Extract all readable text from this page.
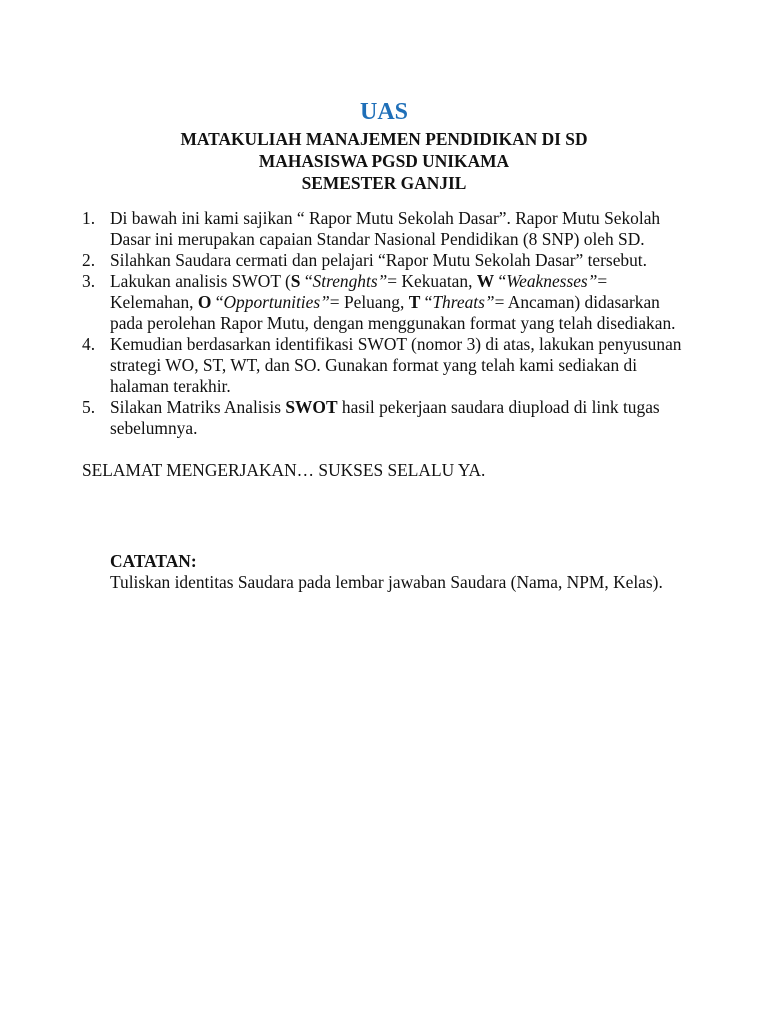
UAS

MATAKULIAH MANAJEMEN PENDIDIKAN DI SD

MAHASISWA PGSD UNIKAMA

SEMESTER GANJIL

1. Di bawah ini kami sajikan “ Rapor Mutu Sekolah Dasar”. Rapor Mutu Sekolah Dasar ini merupakan capaian Standar Nasional Pendidikan (8 SNP) oleh SD.
2. Silahkan Saudara cermati dan pelajari “Rapor Mutu Sekolah Dasar” tersebut.
3. Lakukan analisis SWOT (S “Strenghts”= Kekuatan, W “Weaknesses”= Kelemahan, O “Opportunities”= Peluang, T “Threats”= Ancaman) didasarkan pada perolehan Rapor Mutu, dengan menggunakan format yang telah disediakan.
4. Kemudian berdasarkan identifikasi SWOT (nomor 3) di atas, lakukan penyusunan strategi WO, ST, WT, dan SO. Gunakan format yang telah kami sediakan di halaman terakhir.
5. Silakan Matriks Analisis SWOT hasil pekerjaan saudara diupload di link tugas sebelumnya.

SELAMAT MENGERJAKAN… SUKSES SELALU YA.

CATATAN:
Tuliskan identitas Saudara pada lembar jawaban Saudara (Nama, NPM, Kelas).
